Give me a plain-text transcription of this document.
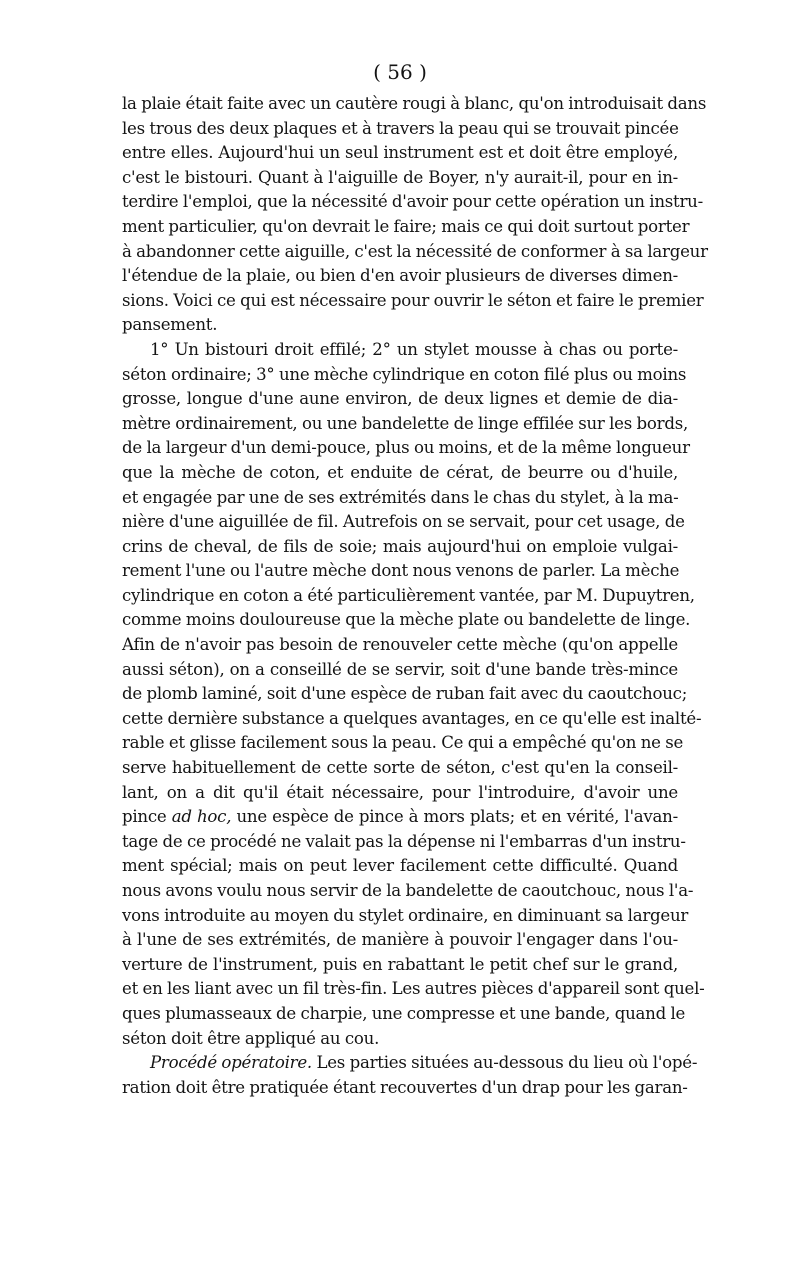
( 56 )
la plaie était faite avec un cautère rougi à blanc, qu'on introduisait dans
les trous des deux plaques et à travers la peau qui se trouvait pincée
entre elles. Aujourd'hui un seul instrument est et doit être employé,
c'est le bistouri. Quant à l'aiguille de Boyer, n'y aurait-il, pour en in-
terdire l'emploi, que la nécessité d'avoir pour cette opération un instru-
ment particulier, qu'on devrait le faire; mais ce qui doit surtout porter
à abandonner cette aiguille, c'est la nécessité de conformer à sa largeur
l'étendue de la plaie, ou bien d'en avoir plusieurs de diverses dimen-
sions. Voici ce qui est nécessaire pour ouvrir le séton et faire le premier
pansement.
1° Un bistouri droit effilé; 2° un stylet mousse à chas ou porte-
séton ordinaire; 3° une mèche cylindrique en coton filé plus ou moins
grosse, longue d'une aune environ, de deux lignes et demie de dia-
mètre ordinairement, ou une bandelette de linge effilée sur les bords,
de la largeur d'un demi-pouce, plus ou moins, et de la même longueur
que la mèche de coton, et enduite de cérat, de beurre ou d'huile,
et engagée par une de ses extrémités dans le chas du stylet, à la ma-
nière d'une aiguillée de fil. Autrefois on se servait, pour cet usage, de
crins de cheval, de fils de soie; mais aujourd'hui on emploie vulgai-
rement l'une ou l'autre mèche dont nous venons de parler. La mèche
cylindrique en coton a été particulièrement vantée, par M. Dupuytren,
comme moins douloureuse que la mèche plate ou bandelette de linge.
Afin de n'avoir pas besoin de renouveler cette mèche (qu'on appelle
aussi séton), on a conseillé de se servir, soit d'une bande très-mince
de plomb laminé, soit d'une espèce de ruban fait avec du caoutchouc;
cette dernière substance a quelques avantages, en ce qu'elle est inalté-
rable et glisse facilement sous la peau. Ce qui a empêché qu'on ne se
serve habituellement de cette sorte de séton, c'est qu'en la conseil-
lant, on a dit qu'il était nécessaire, pour l'introduire, d'avoir une
pince ad hoc, une espèce de pince à mors plats; et en vérité, l'avan-
tage de ce procédé ne valait pas la dépense ni l'embarras d'un instru-
ment spécial; mais on peut lever facilement cette difficulté. Quand
nous avons voulu nous servir de la bandelette de caoutchouc, nous l'a-
vons introduite au moyen du stylet ordinaire, en diminuant sa largeur
à l'une de ses extrémités, de manière à pouvoir l'engager dans l'ou-
verture de l'instrument, puis en rabattant le petit chef sur le grand,
et en les liant avec un fil très-fin. Les autres pièces d'appareil sont quel-
ques plumasseaux de charpie, une compresse et une bande, quand le
séton doit être appliqué au cou.
Procédé opératoire. Les parties situées au-dessous du lieu où l'opé-
ration doit être pratiquée étant recouvertes d'un drap pour les garan-
